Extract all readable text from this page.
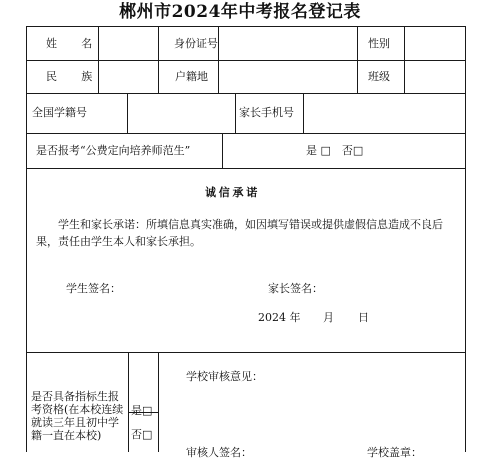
郴州市2024年中考报名登记表
姓　名	身份证号	性别
民　族	户籍地	班级
全国学籍号	家长手机号
是否报考“公费定向培养师范生”	是 □　否□
诚信承诺
学生和家长承诺：所填信息真实准确，如因填写错误或提供虚假信息造成不良后果，责任由学生本人和家长承担。
学生签名：	家长签名：
2024 年 月 日
是否具备指标生报考资格(在本校连续就读三年且初中学籍一直在本校)
是□
否□
学校审核意见：
审核人签名：	学校盖章：
